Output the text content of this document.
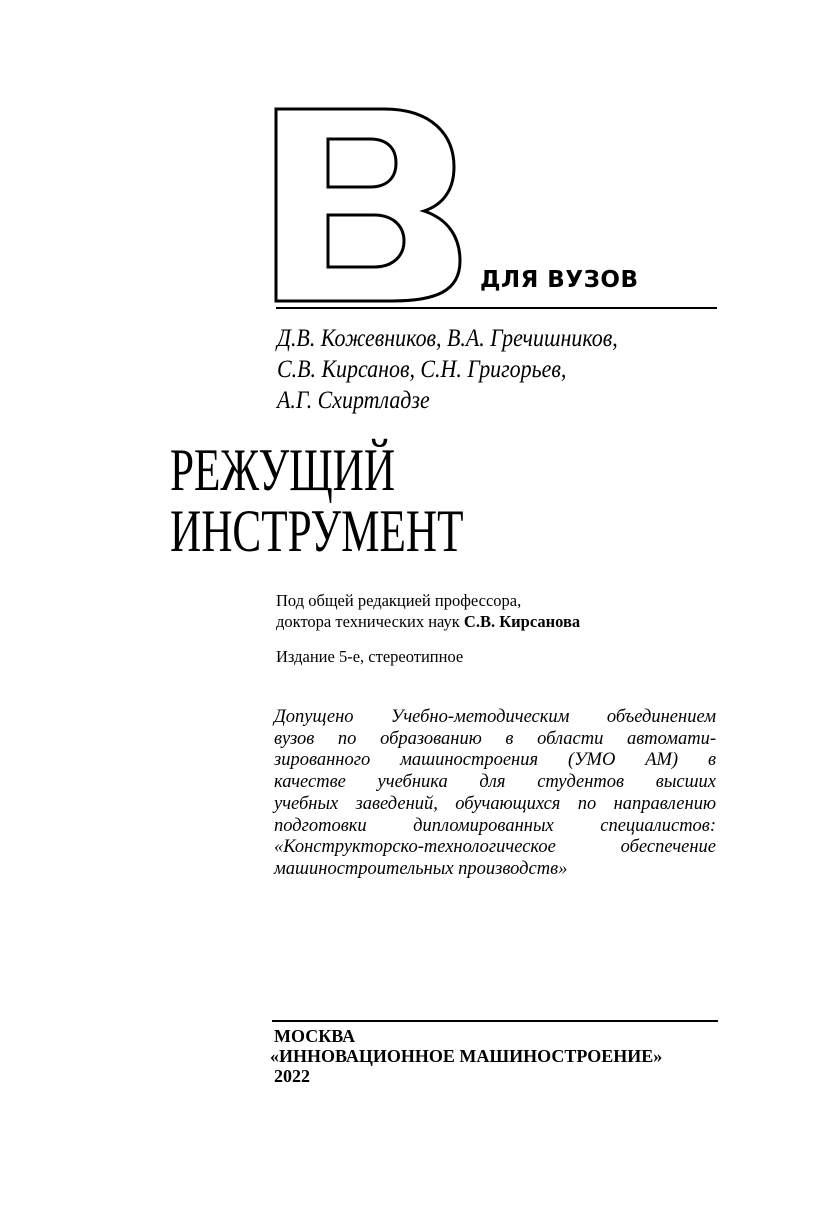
ДЛЯ ВУЗОВ
Д.В. Кожевников, В.А. Гречишников,
С.В. Кирсанов, С.Н. Григорьев,
А.Г. Схиртладзе
РЕЖУЩИЙ
ИНСТРУМЕНТ
Под общей редакцией профессора,
доктора технических наук С.В. Кирсанова
Издание 5-е, стереотипное
Допущено Учебно-методическим объединением
вузов по образованию в области автомати-
зированного машиностроения (УМО АМ) в
качестве учебника для студентов высших
учебных заведений, обучающихся по направлению
подготовки дипломированных специалистов:
«Конструкторско-технологическое обеспечение
машиностроительных производств»
МОСКВА
«ИННОВАЦИОННОЕ МАШИНОСТРОЕНИЕ»
2022
